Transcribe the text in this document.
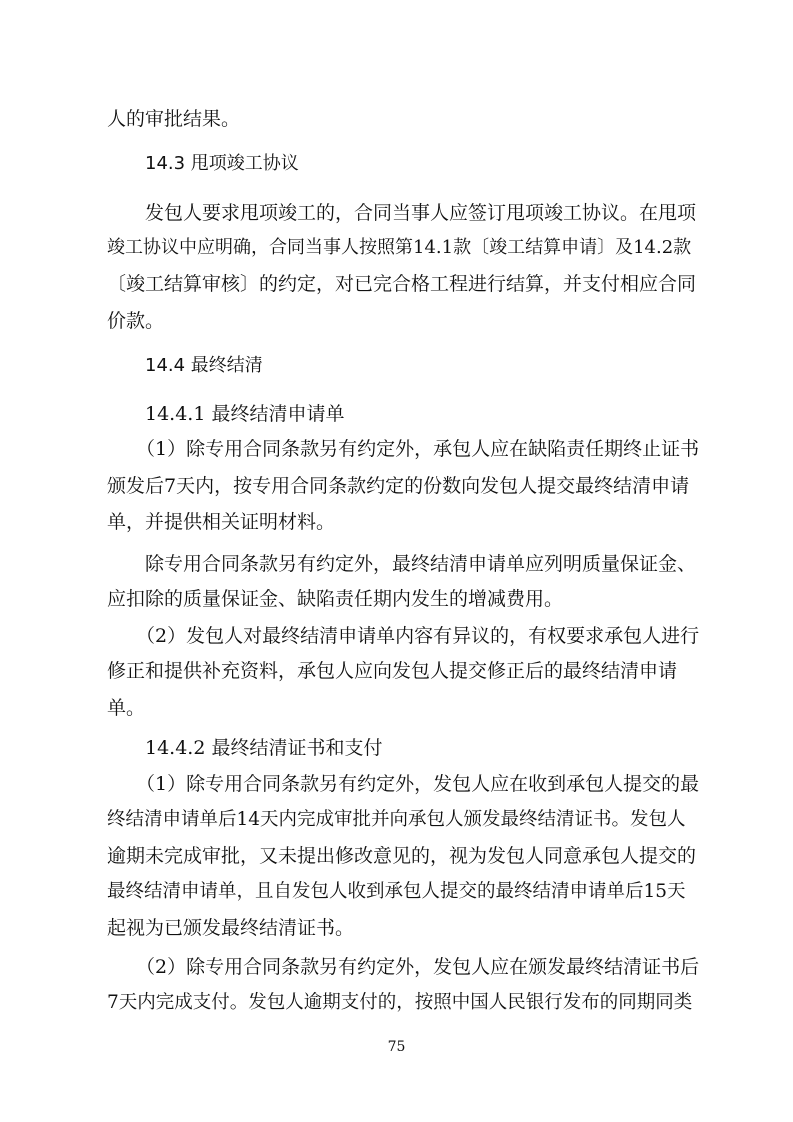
人的审批结果。
14.3 甩项竣工协议
发包人要求甩项竣工的，合同当事人应签订甩项竣工协议。在甩项
竣工协议中应明确，合同当事人按照第14.1款〔竣工结算申请〕及14.2款
〔竣工结算审核〕的约定，对已完合格工程进行结算，并支付相应合同
价款。
14.4 最终结清
14.4.1 最终结清申请单
（1）除专用合同条款另有约定外，承包人应在缺陷责任期终止证书
颁发后7天内，按专用合同条款约定的份数向发包人提交最终结清申请
单，并提供相关证明材料。
除专用合同条款另有约定外，最终结清申请单应列明质量保证金、
应扣除的质量保证金、缺陷责任期内发生的增减费用。
（2）发包人对最终结清申请单内容有异议的，有权要求承包人进行
修正和提供补充资料，承包人应向发包人提交修正后的最终结清申请
单。
14.4.2 最终结清证书和支付
（1）除专用合同条款另有约定外，发包人应在收到承包人提交的最
终结清申请单后14天内完成审批并向承包人颁发最终结清证书。发包人
逾期未完成审批，又未提出修改意见的，视为发包人同意承包人提交的
最终结清申请单，且自发包人收到承包人提交的最终结清申请单后15天
起视为已颁发最终结清证书。
（2）除专用合同条款另有约定外，发包人应在颁发最终结清证书后
7天内完成支付。发包人逾期支付的，按照中国人民银行发布的同期同类
75
